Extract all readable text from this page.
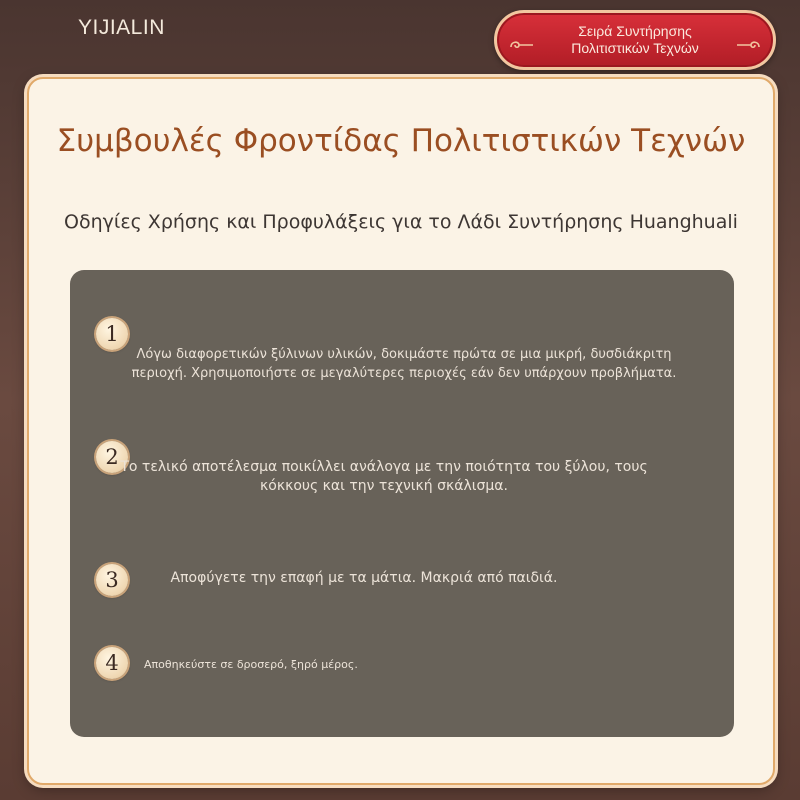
YIJIALIN	Σειρά Συντήρησης Πολιτιστικών Τεχνών
Συμβουλές Φροντίδας Πολιτιστικών Τεχνών
Οδηγίες Χρήσης και Προφυλάξεις για το Λάδι Συντήρησης Huanghuali
1
Λόγω διαφορετικών ξύλινων υλικών, δοκιμάστε πρώτα σε μια μικρή, δυσδιάκριτη περιοχή. Χρησιμοποιήστε σε μεγαλύτερες περιοχές εάν δεν υπάρχουν προβλήματα.
2 Το τελικό αποτέλεσμα ποικίλλει ανάλογα με την ποιότητα του ξύλου, τους κόκκους και την τεχνική σκάλισμα.
3	Αποφύγετε την επαφή με τα μάτια. Μακριά από παιδιά.
4	Αποθηκεύστε σε δροσερό, ξηρό μέρος.
